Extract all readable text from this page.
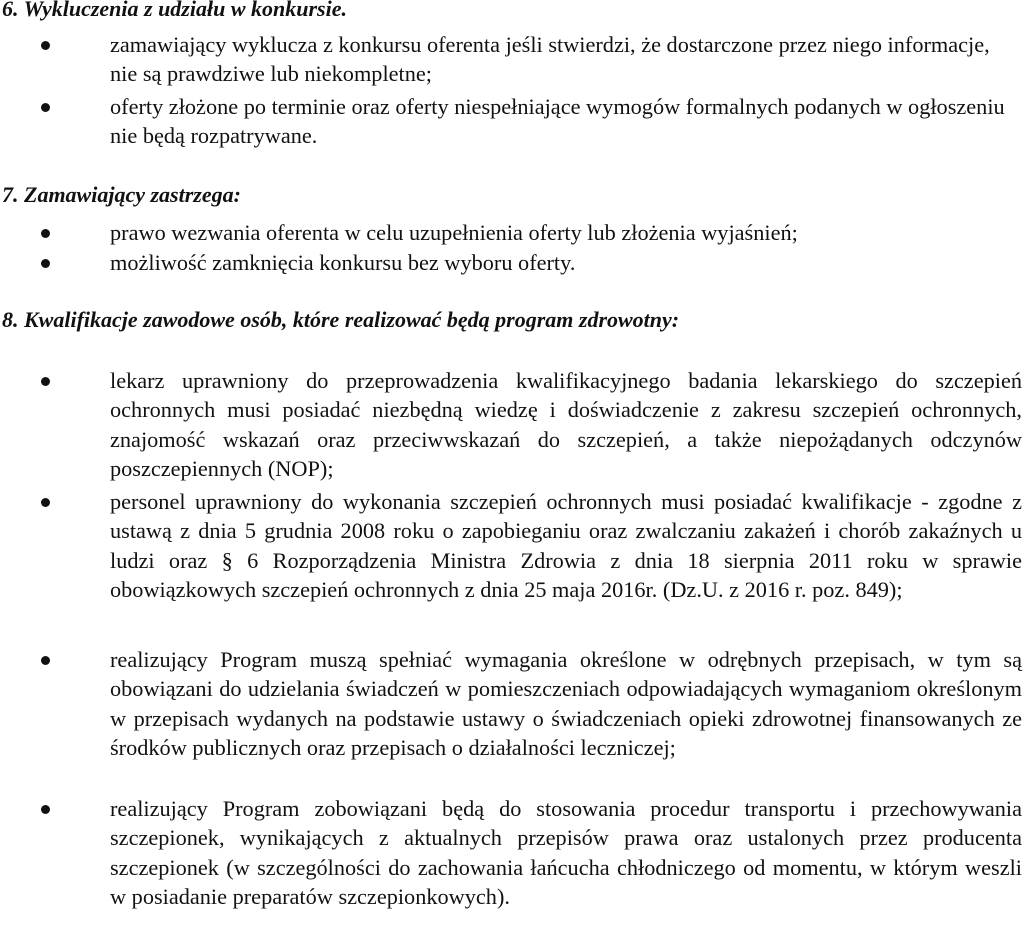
6. Wykluczenia z udziału w konkursie.
zamawiający wyklucza z konkursu oferenta jeśli stwierdzi, że dostarczone przez niego informacje, nie są prawdziwe lub niekompletne;
oferty złożone po terminie oraz oferty niespełniające wymogów formalnych podanych w ogłoszeniu nie będą rozpatrywane.
7. Zamawiający zastrzega:
prawo wezwania oferenta w celu uzupełnienia oferty lub złożenia wyjaśnień;
możliwość zamknięcia konkursu bez wyboru oferty.
8. Kwalifikacje zawodowe osób, które realizować będą program zdrowotny:
lekarz uprawniony do przeprowadzenia kwalifikacyjnego badania lekarskiego do szczepień ochronnych musi posiadać niezbędną wiedzę i doświadczenie z zakresu szczepień ochronnych, znajomość wskazań oraz przeciwwskazań do szczepień, a także niepożądanych odczynów poszczepiennych (NOP);
personel uprawniony do wykonania szczepień ochronnych musi posiadać kwalifikacje - zgodne z ustawą z dnia 5 grudnia 2008 roku o zapobieganiu oraz zwalczaniu zakażeń i chorób zakaźnych u ludzi oraz § 6 Rozporządzenia Ministra Zdrowia z dnia 18 sierpnia 2011 roku w sprawie obowiązkowych szczepień ochronnych z dnia 25 maja 2016r. (Dz.U. z 2016 r. poz. 849);
realizujący Program muszą spełniać wymagania określone w odrębnych przepisach, w tym są obowiązani do udzielania świadczeń w pomieszczeniach odpowiadających wymaganiom określonym w przepisach wydanych na podstawie ustawy o świadczeniach opieki zdrowotnej finansowanych ze środków publicznych oraz przepisach o działalności leczniczej;
realizujący Program zobowiązani będą do stosowania procedur transportu i przechowywania szczepionek, wynikających z aktualnych przepisów prawa oraz ustalonych przez producenta szczepionek (w szczególności do zachowania łańcucha chłodniczego od momentu, w którym weszli w posiadanie preparatów szczepionkowych).
